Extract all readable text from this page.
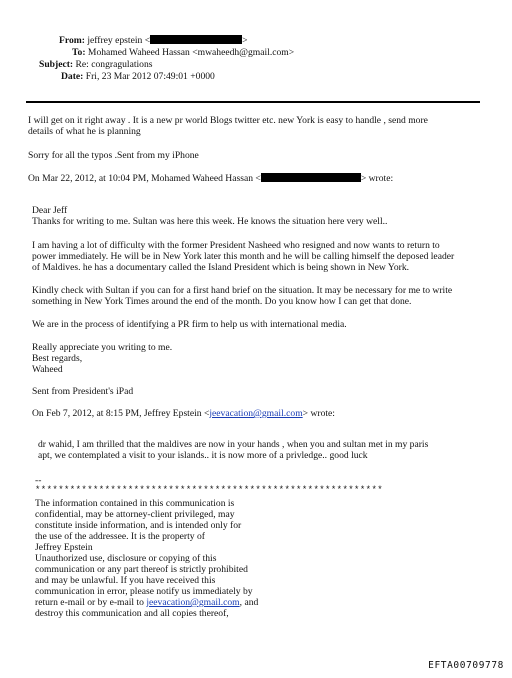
From: jeffrey epstein <	>
To: Mohamed Waheed Hassan <mwaheedh@gmail.com>
Subject: Re: congragulations
Date: Fri, 23 Mar 2012 07:49:01 +0000
I will get on it right away . It is a new pr world Blogs twitter etc. new York is easy to handle , send more
details of what he is planning
Sorry for all the typos .Sent from my iPhone
On Mar 22, 2012, at 10:04 PM, Mohamed Waheed Hassan <	> wrote:
Dear Jeff
Thanks for writing to me. Sultan was here this week. He knows the situation here very well..
I am having a lot of difficulty with the former President Nasheed who resigned and now wants to return to
power immediately. He will be in New York later this month and he will be calling himself the deposed leader
of Maldives. he has a documentary called the Island President which is being shown in New York.
Kindly check with Sultan if you can for a first hand brief on the situation. It may be necessary for me to write
something in New York Times around the end of the month. Do you know how I can get that done.
We are in the process of identifying a PR firm to help us with international media.
Really appreciate you writing to me.
Best regards,
Waheed
Sent from President's iPad
On Feb 7, 2012, at 8:15 PM, Jeffrey Epstein <jeevacation@gmail.com> wrote:
dr wahid, I am thrilled that the maldives are now in your hands , when you and sultan met in my paris
apt, we contemplated a visit to your islands.. it is now more of a privledge.. good luck
--
************************************************************
The information contained in this communication is
confidential, may be attorney-client privileged, may
constitute inside information, and is intended only for
the use of the addressee. It is the property of
Jeffrey Epstein
Unauthorized use, disclosure or copying of this
communication or any part thereof is strictly prohibited
and may be unlawful. If you have received this
communication in error, please notify us immediately by
return e-mail or by e-mail to jeevacation@gmail.com, and
destroy this communication and all copies thereof,
EFTA00709778
